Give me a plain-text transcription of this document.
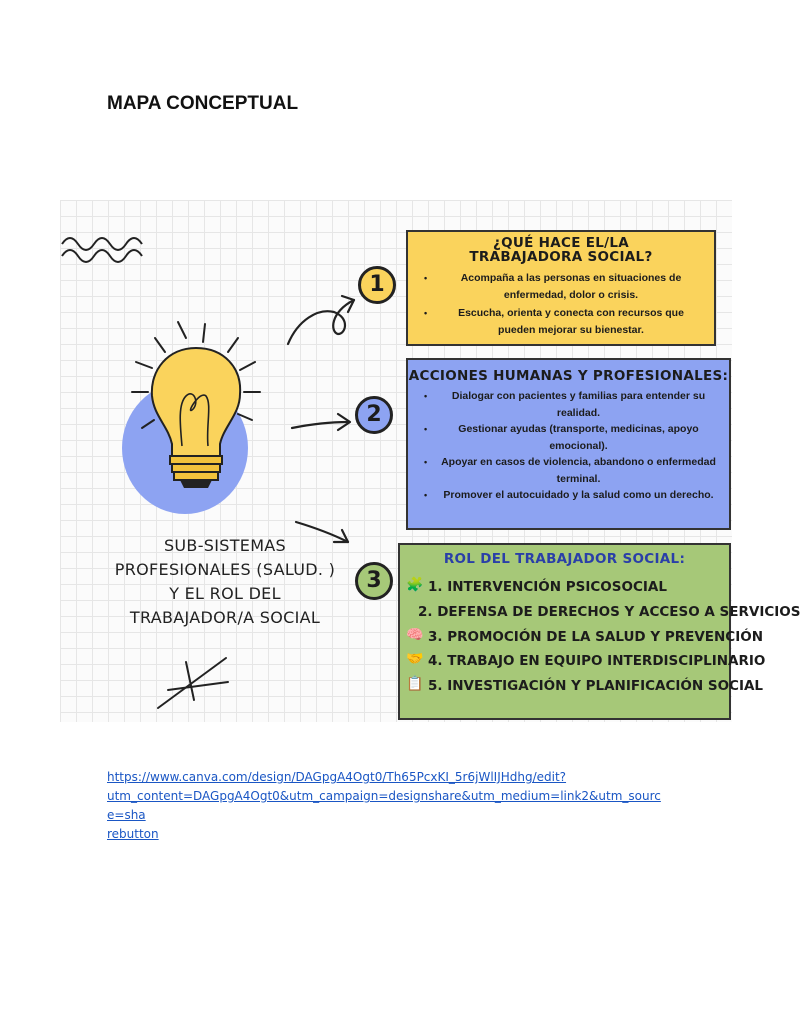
MAPA CONCEPTUAL
1
2
3
¿QUÉ HACE EL/LA
TRABAJADORA SOCIAL?
• Acompaña a las personas en situaciones de enfermedad, dolor o crisis.
• Escucha, orienta y conecta con recursos que pueden mejorar su bienestar.
ACCIONES HUMANAS Y PROFESIONALES:
• Dialogar con pacientes y familias para entender su realidad.
• Gestionar ayudas (transporte, medicinas, apoyo emocional).
• Apoyar en casos de violencia, abandono o enfermedad terminal.
• Promover el autocuidado y la salud como un derecho.
ROL DEL TRABAJADOR SOCIAL:
🧩 1. INTERVENCIÓN PSICOSOCIAL
2. DEFENSA DE DERECHOS Y ACCESO A SERVICIOS
🧠 3. PROMOCIÓN DE LA SALUD Y PREVENCIÓN
🤝 4. TRABAJO EN EQUIPO INTERDISCIPLINARIO
📋 5. INVESTIGACIÓN Y PLANIFICACIÓN SOCIAL
SUB-SISTEMAS
PROFESIONALES (SALUD. )
Y EL ROL DEL
TRABAJADOR/A SOCIAL
https://www.canva.com/design/DAGpgA4Ogt0/Th65PcxKI_5r6jWlIJHdhg/edit?
utm_content=DAGpgA4Ogt0&utm_campaign=designshare&utm_medium=link2&utm_source=sha
rebutton
